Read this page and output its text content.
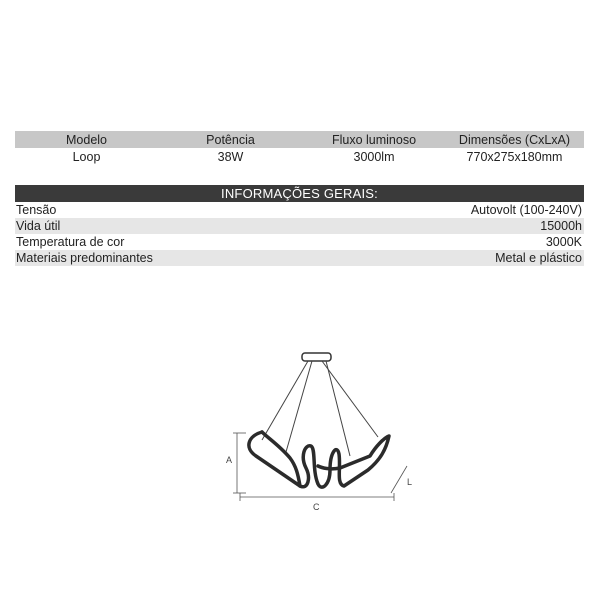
Modelo	Potência	Fluxo luminoso	Dimensões (CxLxA)
Loop	38W	3000lm	770x275x180mm
INFORMAÇÕES GERAIS:
Tensão	Autovolt (100-240V)
Vida útil	15000h
Temperatura de cor	3000K
Materiais predominantes	Metal e plástico
A
C
L
